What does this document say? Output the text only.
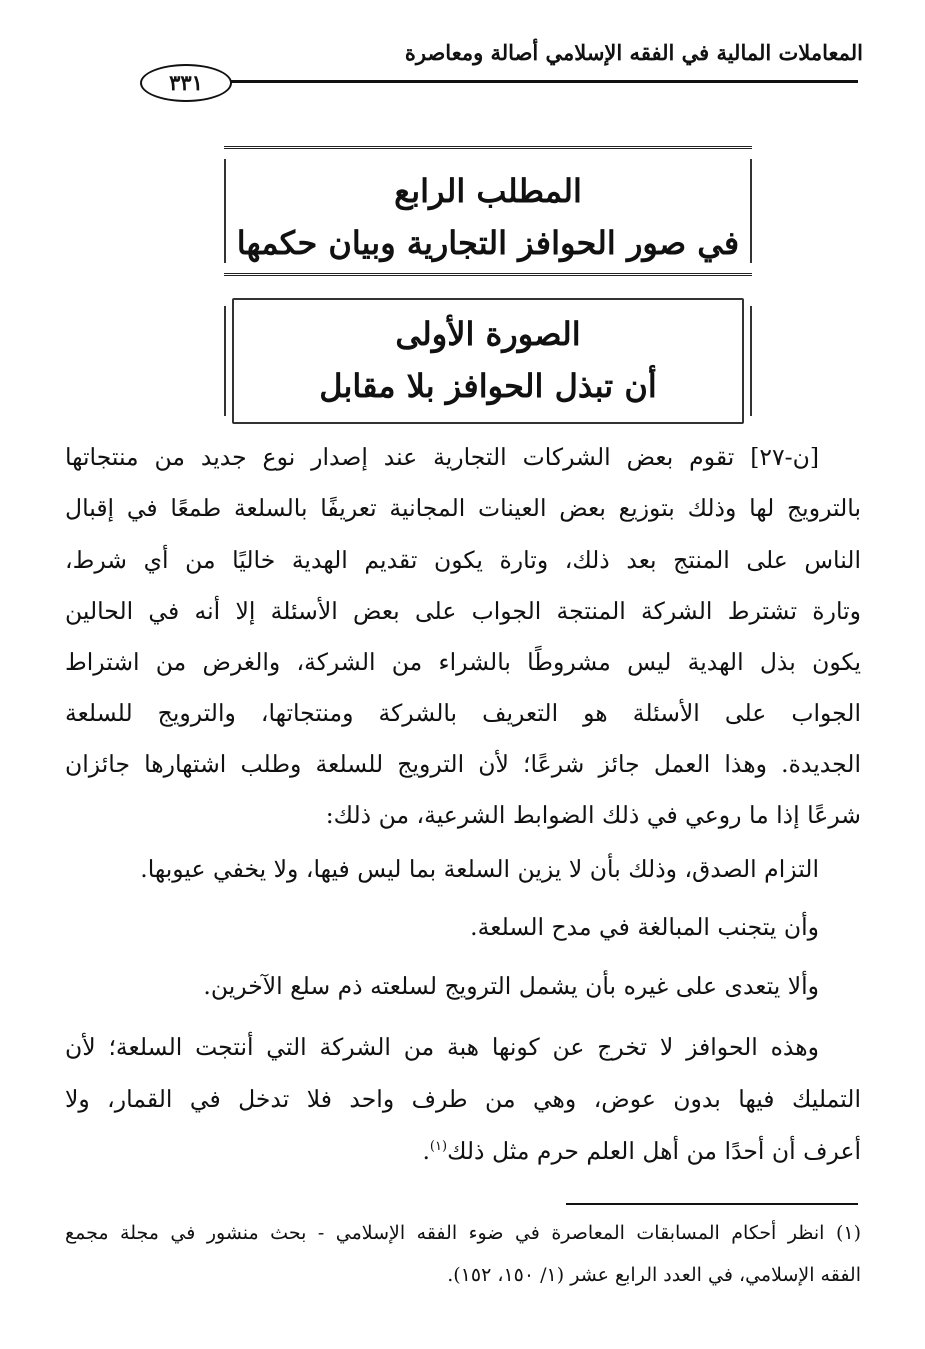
المعاملات المالية في الفقه الإسلامي أصالة ومعاصرة
٣٣١
المطلب الرابع
في صور الحوافز التجارية وبيان حكمها
الصورة الأولى
أن تبذل الحوافز بلا مقابل
[ن-٢٧] تقوم بعض الشركات التجارية عند إصدار نوع جديد من منتجاتها
بالترويج لها وذلك بتوزيع بعض العينات المجانية تعريفًا بالسلعة طمعًا في إقبال
الناس على المنتج بعد ذلك، وتارة يكون تقديم الهدية خاليًا من أي شرط،
وتارة تشترط الشركة المنتجة الجواب على بعض الأسئلة إلا أنه في الحالين
يكون بذل الهدية ليس مشروطًا بالشراء من الشركة، والغرض من اشتراط
الجواب على الأسئلة هو التعريف بالشركة ومنتجاتها، والترويج للسلعة
الجديدة. وهذا العمل جائز شرعًا؛ لأن الترويج للسلعة وطلب اشتهارها جائزان
شرعًا إذا ما روعي في ذلك الضوابط الشرعية، من ذلك:
التزام الصدق، وذلك بأن لا يزين السلعة بما ليس فيها، ولا يخفي عيوبها.
وأن يتجنب المبالغة في مدح السلعة.
وألا يتعدى على غيره بأن يشمل الترويج لسلعته ذم سلع الآخرين.
وهذه الحوافز لا تخرج عن كونها هبة من الشركة التي أنتجت السلعة؛ لأن
التمليك فيها بدون عوض، وهي من طرف واحد فلا تدخل في القمار، ولا
أعرف أن أحدًا من أهل العلم حرم مثل ذلك$^{(١)}$.
(١) انظر أحكام المسابقات المعاصرة في ضوء الفقه الإسلامي - بحث منشور في مجلة مجمع
الفقه الإسلامي، في العدد الرابع عشر (١/ ١٥٠، ١٥٢).
